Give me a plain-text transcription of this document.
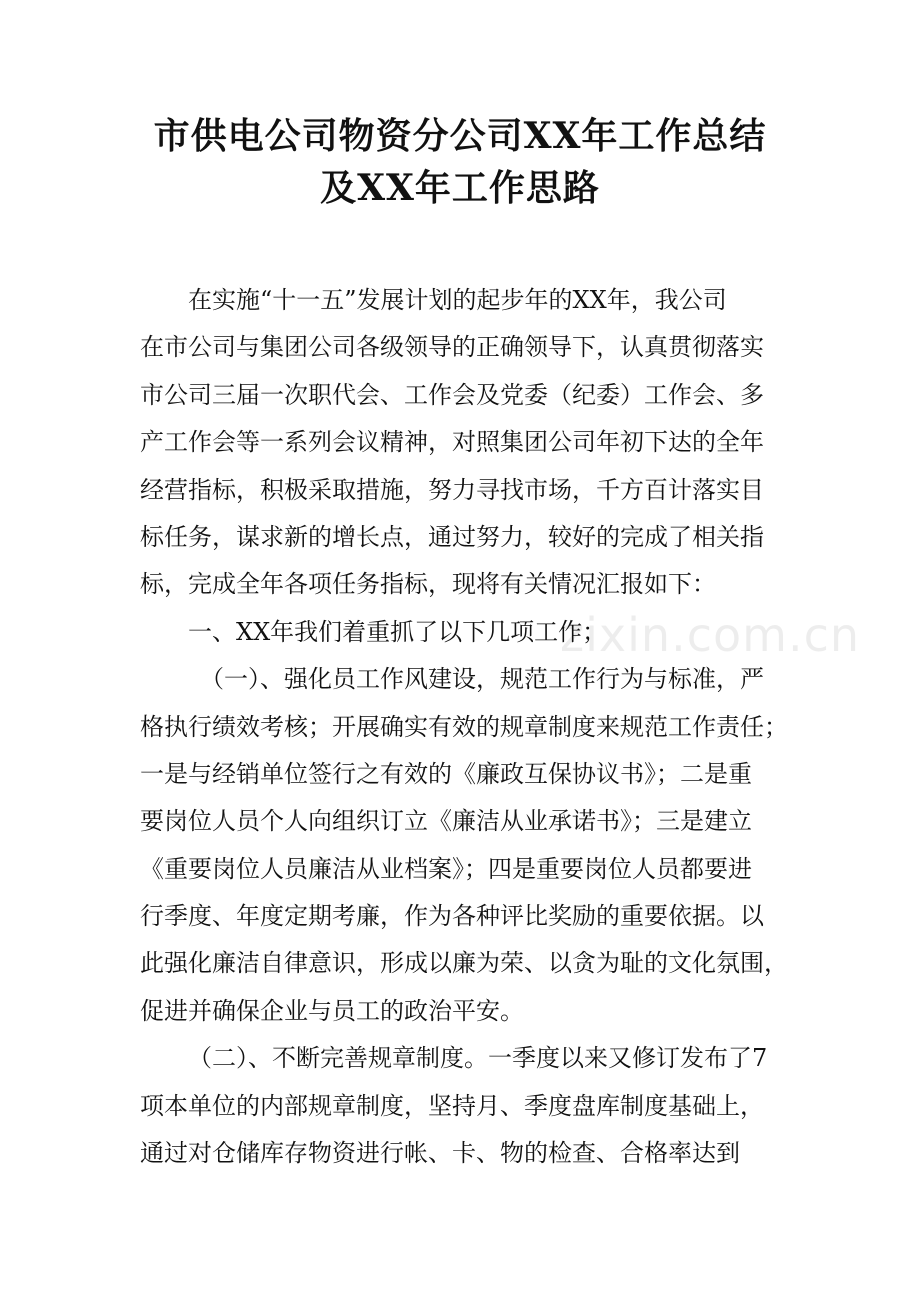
市供电公司物资分公司XX年工作总结
及XX年工作思路
zixin.com.cn
在实施“十一五”发展计划的起步年的XX年，我公司
在市公司与集团公司各级领导的正确领导下，认真贯彻落实
市公司三届一次职代会、工作会及党委（纪委）工作会、多
产工作会等一系列会议精神，对照集团公司年初下达的全年
经营指标，积极采取措施，努力寻找市场，千方百计落实目
标任务，谋求新的增长点，通过努力，较好的完成了相关指
标，完成全年各项任务指标，现将有关情况汇报如下：
一、XX年我们着重抓了以下几项工作；
（一）、强化员工作风建设，规范工作行为与标准，严
格执行绩效考核；开展确实有效的规章制度来规范工作责任；
一是与经销单位签行之有效的《廉政互保协议书》；二是重
要岗位人员个人向组织订立《廉洁从业承诺书》；三是建立
《重要岗位人员廉洁从业档案》；四是重要岗位人员都要进
行季度、年度定期考廉，作为各种评比奖励的重要依据。以
此强化廉洁自律意识，形成以廉为荣、以贪为耻的文化氛围，
促进并确保企业与员工的政治平安。
（二）、不断完善规章制度。一季度以来又修订发布了7
项本单位的内部规章制度，坚持月、季度盘库制度基础上，
通过对仓储库存物资进行帐、卡、物的检查、合格率达到
